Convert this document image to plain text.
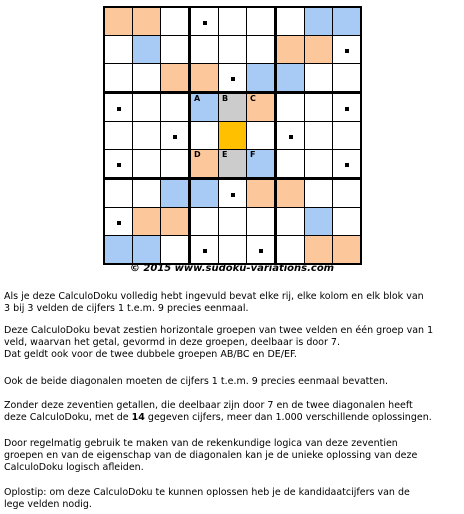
			A	B	C			

			D	E	F			

© 2015 www.sudoku-variations.com
Als je deze CalculoDoku volledig hebt ingevuld bevat elke rij, elke kolom en elk blok van
3 bij 3 velden de cijfers 1 t.e.m. 9 precies eenmaal.
Deze CalculoDoku bevat zestien horizontale groepen van twee velden en één groep van 1
veld, waarvan het getal, gevormd in deze groepen, deelbaar is door 7.
Dat geldt ook voor de twee dubbele groepen AB/BC en DE/EF.
Ook de beide diagonalen moeten de cijfers 1 t.e.m. 9 precies eenmaal bevatten.
Zonder deze zeventien getallen, die deelbaar zijn door 7 en de twee diagonalen heeft
deze CalculoDoku, met de 14 gegeven cijfers, meer dan 1.000 verschillende oplossingen.
Door regelmatig gebruik te maken van de rekenkundige logica van deze zeventien
groepen en van de eigenschap van de diagonalen kan je de unieke oplossing van deze
CalculoDoku logisch afleiden.
Oplostip: om deze CalculoDoku te kunnen oplossen heb je de kandidaatcijfers van de
lege velden nodig.
